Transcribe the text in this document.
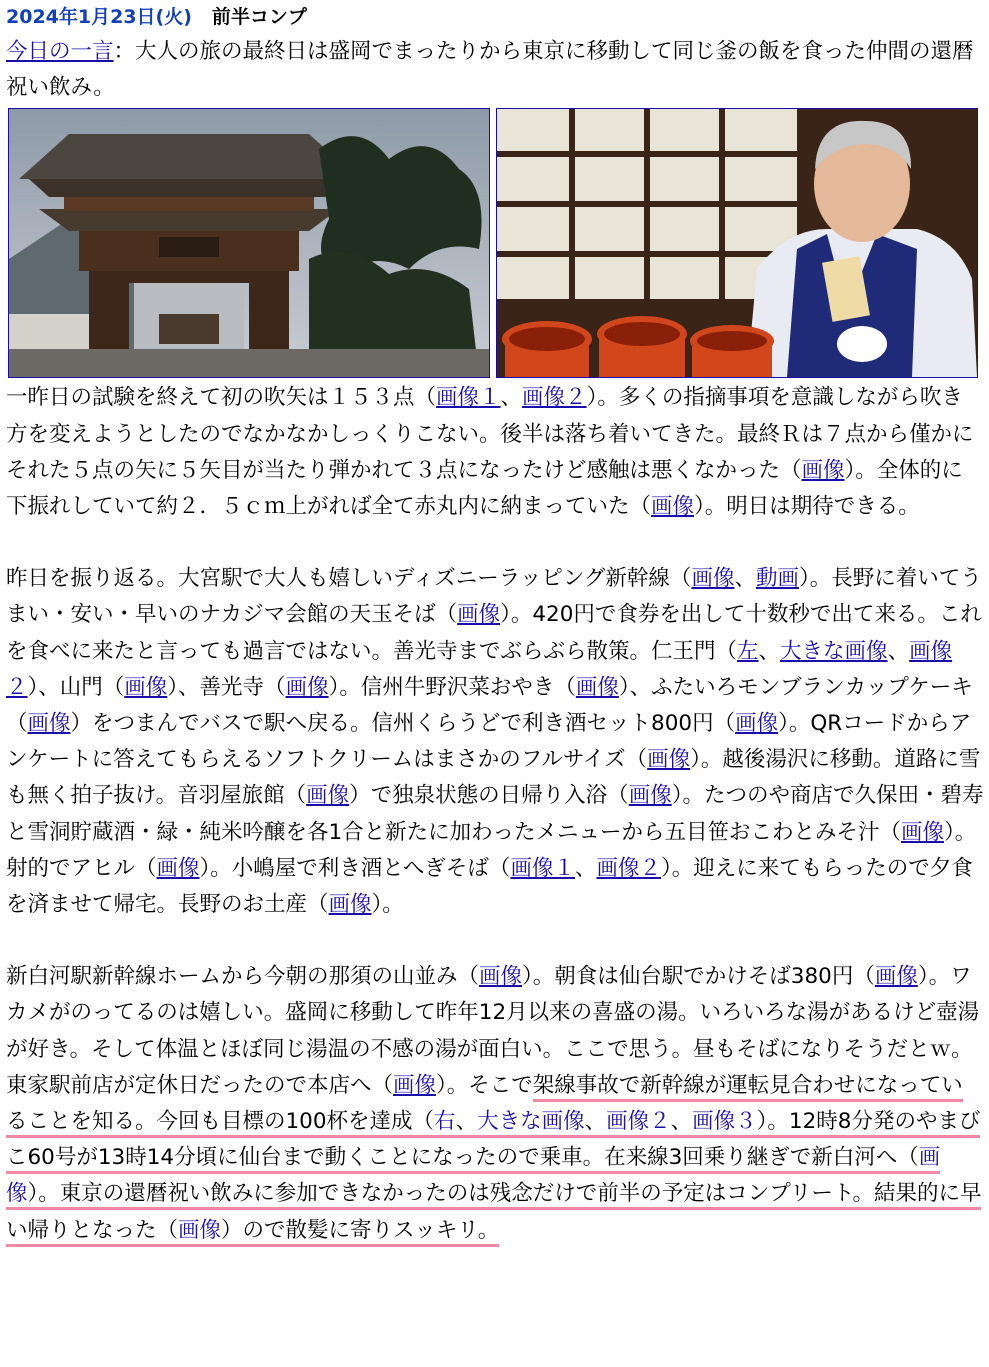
2024年1月23日(火) 前半コンプ

今日の一言：大人の旅の最終日は盛岡でまったりから東京に移動して同じ釜の飯を食った仲間の還暦祝い飲み。

一昨日の試験を終えて初の吹矢は１５３点（画像１、画像２）。多くの指摘事項を意識しながら吹き方を変えようとしたのでなかなかしっくりこない。後半は落ち着いてきた。最終Ｒは７点から僅かにそれた５点の矢に５矢目が当たり弾かれて３点になったけど感触は悪くなかった（画像）。全体的に下振れしていて約２．５ｃｍ上がれば全て赤丸内に納まっていた（画像）。明日は期待できる。

昨日を振り返る。大宮駅で大人も嬉しいディズニーラッピング新幹線（画像、動画）。長野に着いてうまい・安い・早いのナカジマ会館の天玉そば（画像）。420円で食券を出して十数秒で出て来る。これを食べに来たと言っても過言ではない。善光寺までぶらぶら散策。仁王門（左、大きな画像、画像２）、山門（画像）、善光寺（画像）。信州牛野沢菜おやき（画像）、ふたいろモンブランカップケーキ（画像）をつまんでバスで駅へ戻る。信州くらうどで利き酒セット800円（画像）。QRコードからアンケートに答えてもらえるソフトクリームはまさかのフルサイズ（画像）。越後湯沢に移動。道路に雪も無く拍子抜け。音羽屋旅館（画像）で独泉状態の日帰り入浴（画像）。たつのや商店で久保田・碧寿と雪洞貯蔵酒・緑・純米吟醸を各1合と新たに加わったメニューから五目笹おこわとみそ汁（画像）。射的でアヒル（画像）。小嶋屋で利き酒とへぎそば（画像１、画像２）。迎えに来てもらったので夕食を済ませて帰宅。長野のお土産（画像）。

新白河駅新幹線ホームから今朝の那須の山並み（画像）。朝食は仙台駅でかけそば380円（画像）。ワカメがのってるのは嬉しい。盛岡に移動して昨年12月以来の喜盛の湯。いろいろな湯があるけど壺湯が好き。そして体温とほぼ同じ湯温の不感の湯が面白い。ここで思う。昼もそばになりそうだとｗ。東家駅前店が定休日だったので本店へ（画像）。そこで架線事故で新幹線が運転見合わせになっていることを知る。今回も目標の100杯を達成（右、大きな画像、画像２、画像３）。12時8分発のやまびこ60号が13時14分頃に仙台まで動くことになったので乗車。在来線3回乗り継ぎで新白河へ（画像）。東京の還暦祝い飲みに参加できなかったのは残念だけで前半の予定はコンプリート。結果的に早い帰りとなった（画像）ので散髪に寄りスッキリ。
